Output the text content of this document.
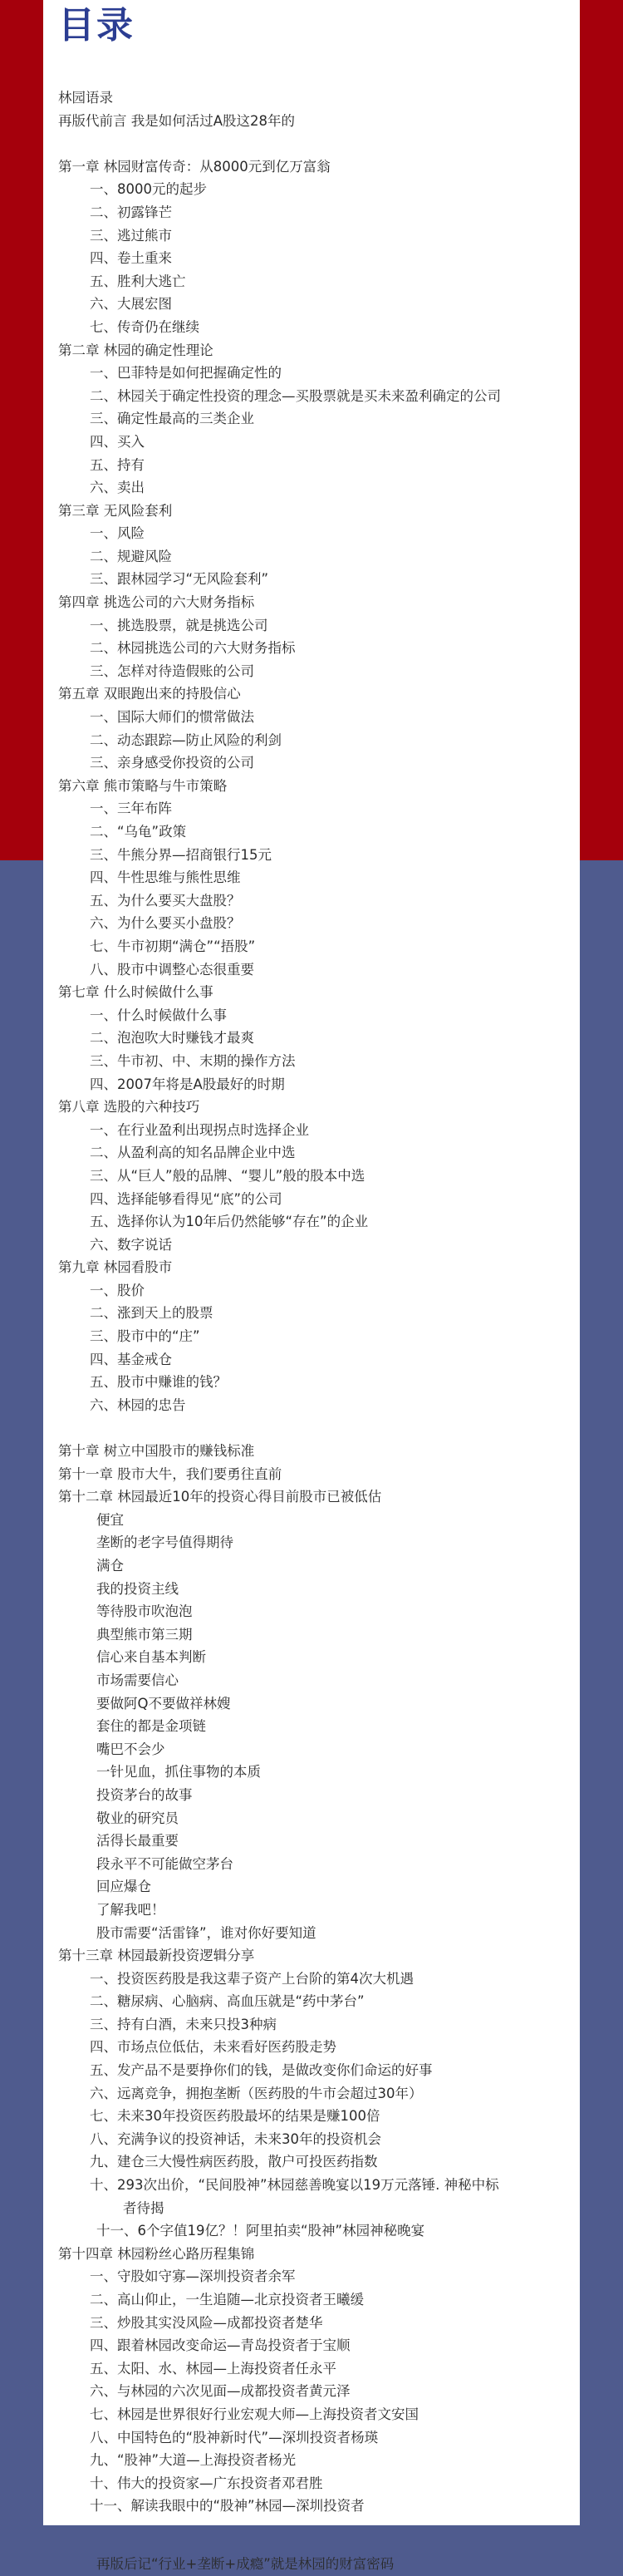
目录
林园语录
再版代前言 我是如何活过A股这28年的
第一章 林园财富传奇：从8000元到亿万富翁
一、8000元的起步
二、初露锋芒
三、逃过熊市
四、卷土重来
五、胜利大逃亡
六、大展宏图
七、传奇仍在继续
第二章 林园的确定性理论
一、巴菲特是如何把握确定性的
二、林园关于确定性投资的理念—买股票就是买未来盈利确定的公司
三、确定性最高的三类企业
四、买入
五、持有
六、卖出
第三章 无风险套利
一、风险
二、规避风险
三、跟林园学习“无风险套利”
第四章 挑选公司的六大财务指标
一、挑选股票，就是挑选公司
二、林园挑选公司的六大财务指标
三、怎样对待造假账的公司
第五章 双眼跑出来的持股信心
一、国际大师们的惯常做法
二、动态跟踪—防止风险的利剑
三、亲身感受你投资的公司
第六章 熊市策略与牛市策略
一、三年布阵
二、“乌龟”政策
三、牛熊分界—招商银行15元
四、牛性思维与熊性思维
五、为什么要买大盘股？
六、为什么要买小盘股？
七、牛市初期“满仓”“捂股”
八、股市中调整心态很重要
第七章 什么时候做什么事
一、什么时候做什么事
二、泡泡吹大时赚钱才最爽
三、牛市初、中、末期的操作方法
四、2007年将是A股最好的时期
第八章 选股的六种技巧
一、在行业盈利出现拐点时选择企业
二、从盈利高的知名品牌企业中选
三、从“巨人”般的品牌、“婴儿”般的股本中选
四、选择能够看得见“底”的公司
五、选择你认为10年后仍然能够“存在”的企业
六、数字说话
第九章 林园看股市
一、股价
二、涨到天上的股票
三、股市中的“庄”
四、基金戒仓
五、股市中赚谁的钱？
六、林园的忠告
第十章 树立中国股市的赚钱标准
第十一章 股市大牛，我们要勇往直前
第十二章 林园最近10年的投资心得目前股市已被低估
便宜
垄断的老字号值得期待
满仓
我的投资主线
等待股市吹泡泡
典型熊市第三期
信心来自基本判断
市场需要信心
要做阿Q不要做祥林嫂
套住的都是金项链
嘴巴不会少
一针见血，抓住事物的本质
投资茅台的故事
敬业的研究员
活得长最重要
段永平不可能做空茅台
回应爆仓
了解我吧！
股市需要“活雷锋”，谁对你好要知道
第十三章 林园最新投资逻辑分享
一、投资医药股是我这辈子资产上台阶的第4次大机遇
二、糖尿病、心脑病、高血压就是“药中茅台”
三、持有白酒，未来只投3种病
四、市场点位低估，未来看好医药股走势
五、发产品不是要挣你们的钱，是做改变你们命运的好事
六、远离竞争，拥抱垄断（医药股的牛市会超过30年）
七、未来30年投资医药股最坏的结果是赚100倍
八、充满争议的投资神话，未来30年的投资机会
九、建仓三大慢性病医药股，散户可投医药指数
十、293次出价，“民间股神”林园慈善晚宴以19万元落锤. 神秘中标
者待揭
十一、6个字值19亿？！阿里拍卖“股神”林园神秘晚宴
第十四章 林园粉丝心路历程集锦
一、守股如守寡—深圳投资者余军
二、高山仰止，一生追随—北京投资者王曦缓
三、炒股其实没风险—成都投资者楚华
四、跟着林园改变命运—青岛投资者于宝顺
五、太阳、水、林园—上海投资者任永平
六、与林园的六次见面—成都投资者黄元泽
七、林园是世界很好行业宏观大师—上海投资者文安国
八、中国特色的“股神新时代”—深圳投资者杨瑛
九、“股神”大道—上海投资者杨光
十、伟大的投资家—广东投资者邓君胜
十一、解读我眼中的“股神”林园—深圳投资者
再版后记“行业+垄断+成瘾”就是林园的财富密码
